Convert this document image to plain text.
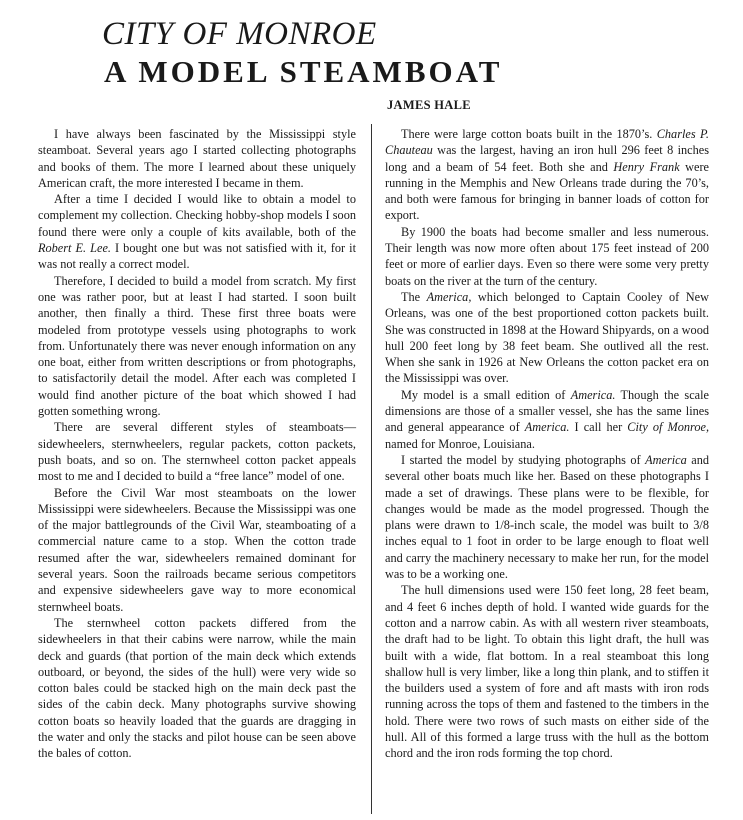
CITY OF MONROE
A MODEL STEAMBOAT
JAMES HALE

I have always been fascinated by the Mississippi style steamboat. Several years ago I started collecting photographs and books of them. The more I learned about these uniquely American craft, the more interested I became in them.

After a time I decided I would like to obtain a model to complement my collection. Checking hobby-shop models I soon found there were only a couple of kits available, both of the Robert E. Lee. I bought one but was not satisfied with it, for it was not really a correct model.

Therefore, I decided to build a model from scratch. My first one was rather poor, but at least I had started. I soon built another, then finally a third. These first three boats were modeled from prototype vessels using photographs to work from. Unfortunately there was never enough information on any one boat, either from written descriptions or from photographs, to satisfactorily detail the model. After each was completed I would find another picture of the boat which showed I had gotten something wrong.

There are several different styles of steamboats—sidewheelers, sternwheelers, regular packets, cotton packets, push boats, and so on. The sternwheel cotton packet appeals most to me and I decided to build a “free lance” model of one.

Before the Civil War most steamboats on the lower Mississippi were sidewheelers. Because the Mississippi was one of the major battlegrounds of the Civil War, steamboating of a commercial nature came to a stop. When the cotton trade resumed after the war, sidewheelers remained dominant for several years. Soon the railroads became serious competitors and expensive sidewheelers gave way to more economical sternwheel boats.

The sternwheel cotton packets differed from the sidewheelers in that their cabins were narrow, while the main deck and guards (that portion of the main deck which extends outboard, or beyond, the sides of the hull) were very wide so cotton bales could be stacked high on the main deck past the sides of the cabin deck. Many photographs survive showing cotton boats so heavily loaded that the guards are dragging in the water and only the stacks and pilot house can be seen above the bales of cotton.

There were large cotton boats built in the 1870’s. Charles P. Chauteau was the largest, having an iron hull 296 feet 8 inches long and a beam of 54 feet. Both she and Henry Frank were running in the Memphis and New Orleans trade during the 70’s, and both were famous for bringing in banner loads of cotton for export.

By 1900 the boats had become smaller and less numerous. Their length was now more often about 175 feet instead of 200 feet or more of earlier days. Even so there were some very pretty boats on the river at the turn of the century.

The America, which belonged to Captain Cooley of New Orleans, was one of the best proportioned cotton packets built. She was constructed in 1898 at the Howard Shipyards, on a wood hull 200 feet long by 38 feet beam. She outlived all the rest. When she sank in 1926 at New Orleans the cotton packet era on the Mississippi was over.

My model is a small edition of America. Though the scale dimensions are those of a smaller vessel, she has the same lines and general appearance of America. I call her City of Monroe, named for Monroe, Louisiana.

I started the model by studying photographs of America and several other boats much like her. Based on these photographs I made a set of drawings. These plans were to be flexible, for changes would be made as the model progressed. Though the plans were drawn to 1/8-inch scale, the model was built to 3/8 inches equal to 1 foot in order to be large enough to float well and carry the machinery necessary to make her run, for the model was to be a working one.

The hull dimensions used were 150 feet long, 28 feet beam, and 4 feet 6 inches depth of hold. I wanted wide guards for the cotton and a narrow cabin. As with all western river steamboats, the draft had to be light. To obtain this light draft, the hull was built with a wide, flat bottom. In a real steamboat this long shallow hull is very limber, like a long thin plank, and to stiffen it the builders used a system of fore and aft masts with iron rods running across the tops of them and fastened to the timbers in the hold. There were two rows of such masts on either side of the hull. All of this formed a large truss with the hull as the bottom chord and the iron rods forming the top chord.
